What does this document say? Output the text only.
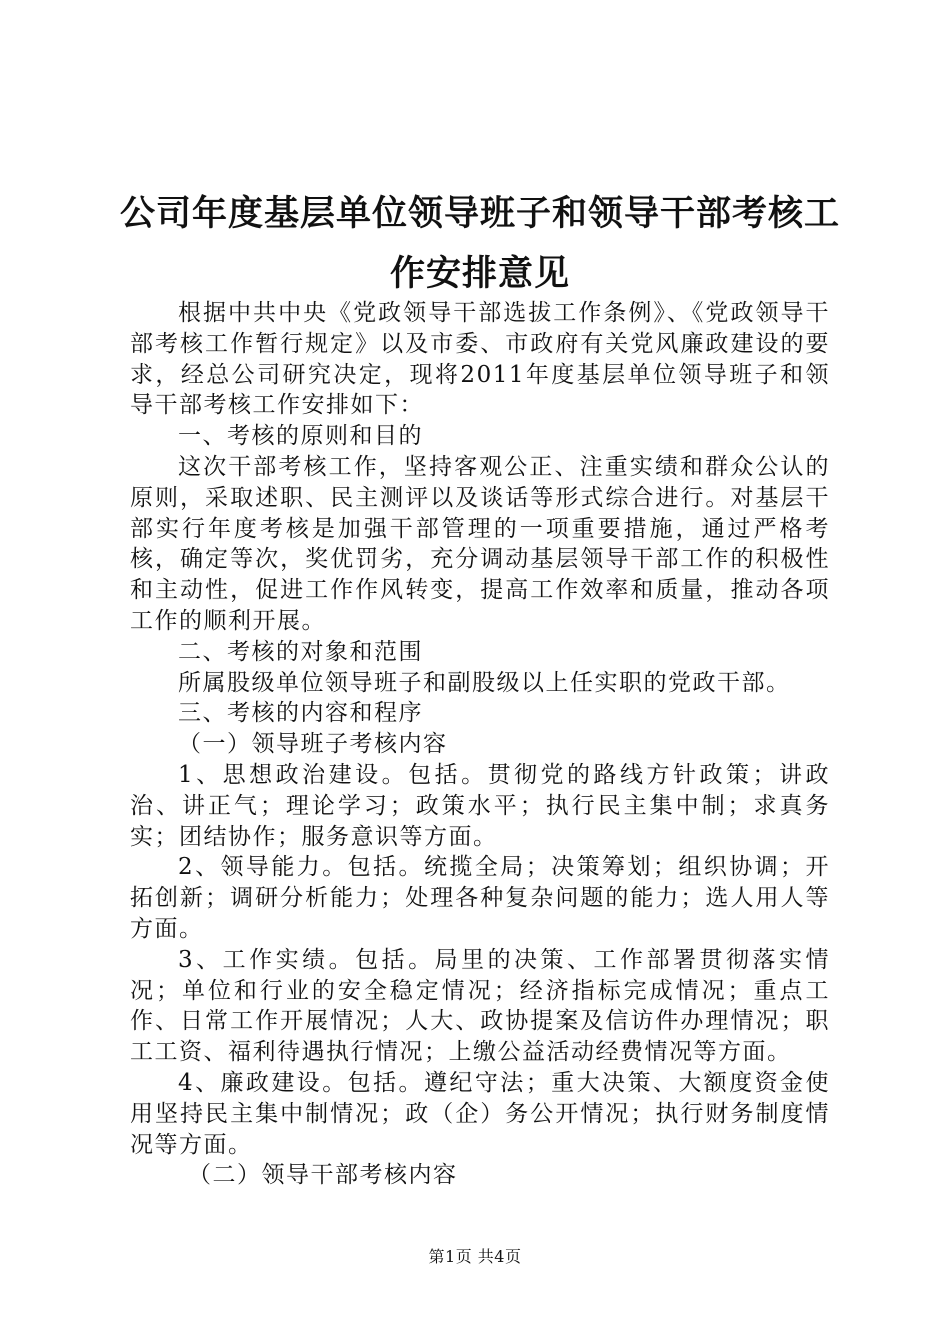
公司年度基层单位领导班子和领导干部考核工
作安排意见

根据中共中央《党政领导干部选拔工作条例》、《党政领导干部考核工作暂行规定》以及市委、市政府有关党风廉政建设的要求，经总公司研究决定，现将2011年度基层单位领导班子和领导干部考核工作安排如下：

一、考核的原则和目的

这次干部考核工作，坚持客观公正、注重实绩和群众公认的原则，采取述职、民主测评以及谈话等形式综合进行。对基层干部实行年度考核是加强干部管理的一项重要措施，通过严格考核，确定等次，奖优罚劣，充分调动基层领导干部工作的积极性和主动性，促进工作作风转变，提高工作效率和质量，推动各项工作的顺利开展。

二、考核的对象和范围

所属股级单位领导班子和副股级以上任实职的党政干部。

三、考核的内容和程序

（一）领导班子考核内容

1、思想政治建设。包括。贯彻党的路线方针政策；讲政治、讲正气；理论学习；政策水平；执行民主集中制；求真务实；团结协作；服务意识等方面。

2、领导能力。包括。统揽全局；决策筹划；组织协调；开拓创新；调研分析能力；处理各种复杂问题的能力；选人用人等方面。

3、工作实绩。包括。局里的决策、工作部署贯彻落实情况；单位和行业的安全稳定情况；经济指标完成情况；重点工作、日常工作开展情况；人大、政协提案及信访件办理情况；职工工资、福利待遇执行情况；上缴公益活动经费情况等方面。

4、廉政建设。包括。遵纪守法；重大决策、大额度资金使用坚持民主集中制情况；政（企）务公开情况；执行财务制度情况等方面。

（二）领导干部考核内容

第1页 共4页
